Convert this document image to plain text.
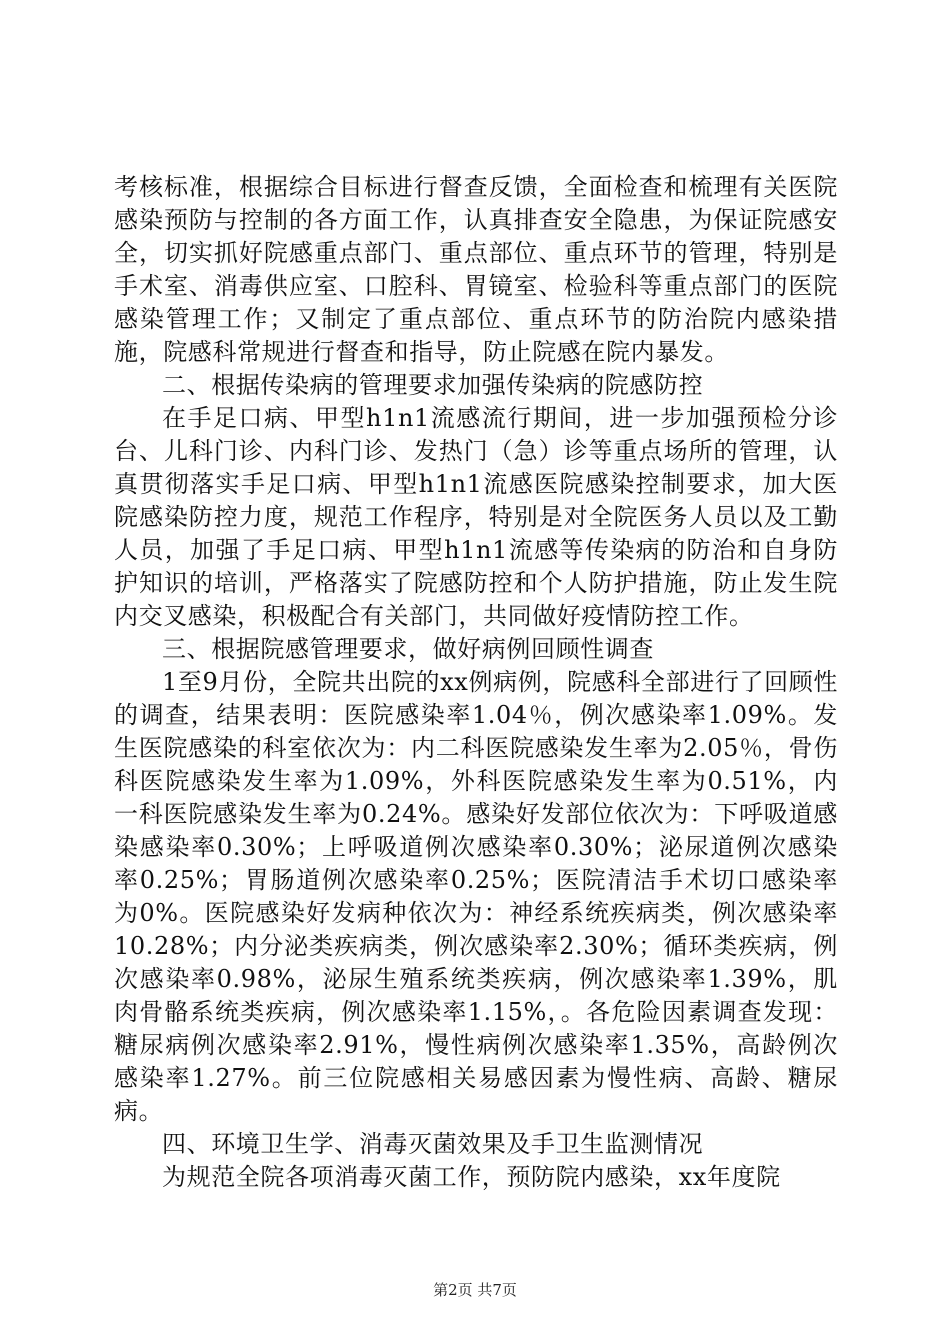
考核标准，根据综合目标进行督查反馈，全面检查和梳理有关医院感染预防与控制的各方面工作，认真排查安全隐患，为保证院感安全，切实抓好院感重点部门、重点部位、重点环节的管理，特别是手术室、消毒供应室、口腔科、胃镜室、检验科等重点部门的医院感染管理工作；又制定了重点部位、重点环节的防治院内感染措施，院感科常规进行督查和指导，防止院感在院内暴发。

二、根据传染病的管理要求加强传染病的院感防控

在手足口病、甲型h1n1流感流行期间，进一步加强预检分诊台、儿科门诊、内科门诊、发热门（急）诊等重点场所的管理，认真贯彻落实手足口病、甲型h1n1流感医院感染控制要求，加大医院感染防控力度，规范工作程序，特别是对全院医务人员以及工勤人员，加强了手足口病、甲型h1n1流感等传染病的防治和自身防护知识的培训，严格落实了院感防控和个人防护措施，防止发生院内交叉感染，积极配合有关部门，共同做好疫情防控工作。

三、根据院感管理要求，做好病例回顾性调查

1至9月份，全院共出院的xx例病例，院感科全部进行了回顾性的调查，结果表明：医院感染率1.04％，例次感染率1.09%。发生医院感染的科室依次为：内二科医院感染发生率为2.05％，骨伤科医院感染发生率为1.09%，外科医院感染发生率为0.51%，内一科医院感染发生率为0.24%。感染好发部位依次为：下呼吸道感染感染率0.30%；上呼吸道例次感染率0.30%；泌尿道例次感染率0.25%；胃肠道例次感染率0.25%；医院清洁手术切口感染率为0%。医院感染好发病种依次为：神经系统疾病类，例次感染率10.28%；内分泌类疾病类，例次感染率2.30%；循环类疾病，例次感染率0.98%，泌尿生殖系统类疾病，例次感染率1.39%，肌肉骨骼系统类疾病，例次感染率1.15%，。各危险因素调查发现：糖尿病例次感染率2.91%，慢性病例次感染率1.35%，高龄例次感染率1.27%。前三位院感相关易感因素为慢性病、高龄、糖尿病。

四、环境卫生学、消毒灭菌效果及手卫生监测情况

为规范全院各项消毒灭菌工作，预防院内感染，xx年度院

第2页 共7页
